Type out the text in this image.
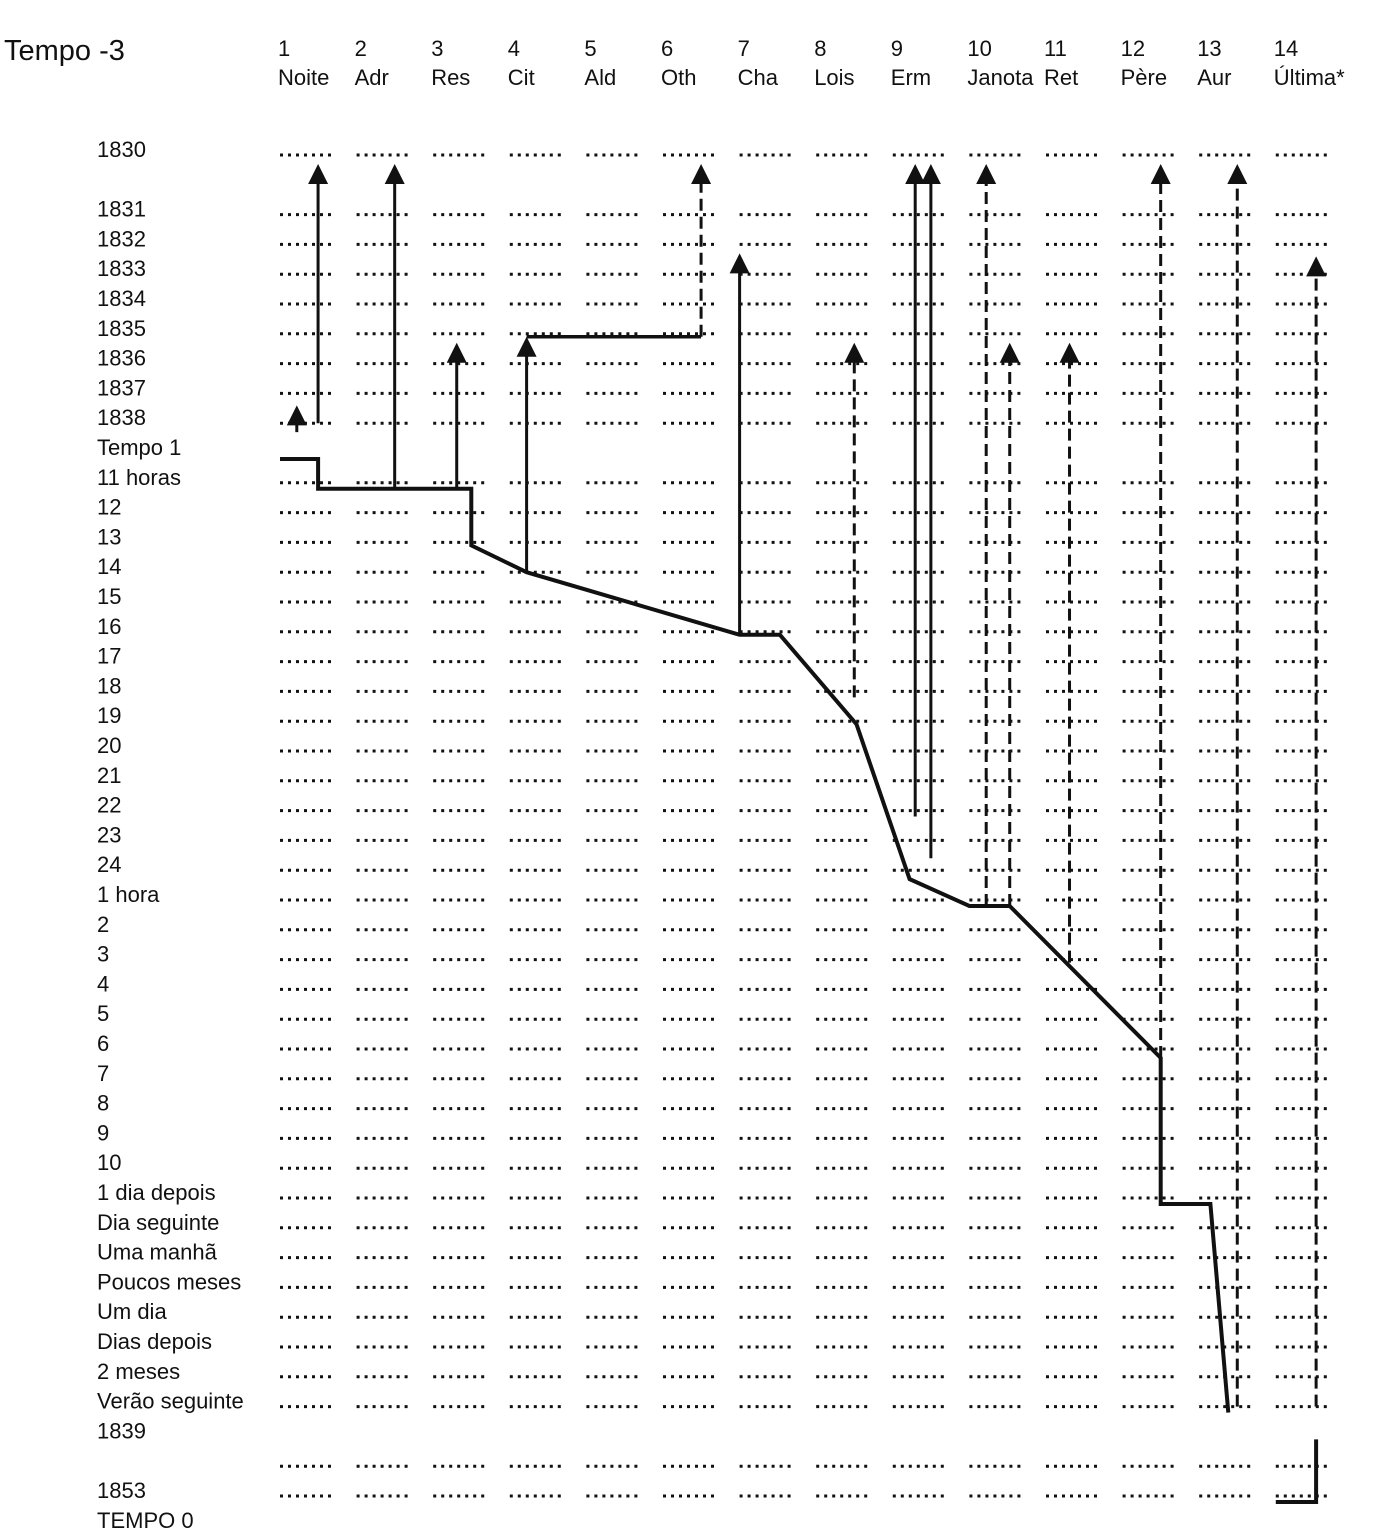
Tempo -3	1
Noite
2
Adr
3
Res
4
Cit
5
Ald
6
Oth
7
Cha
8
Lois
9
Erm
10
Janota
11
Ret
12
Père
13
Aur
14
Última*
1830
1831
1832
1833
1834
1835
1836
1837
1838
Tempo 1
11 horas
12
13
14
15
16
17
18
19
20
21
22
23
24
1 hora
2
3
4
5
6
7
8
9
10
1 dia depois
Dia seguinte
Uma manhã
Poucos meses
Um dia
Dias depois
2 meses
Verão seguinte
1839
1853
TEMPO 0
